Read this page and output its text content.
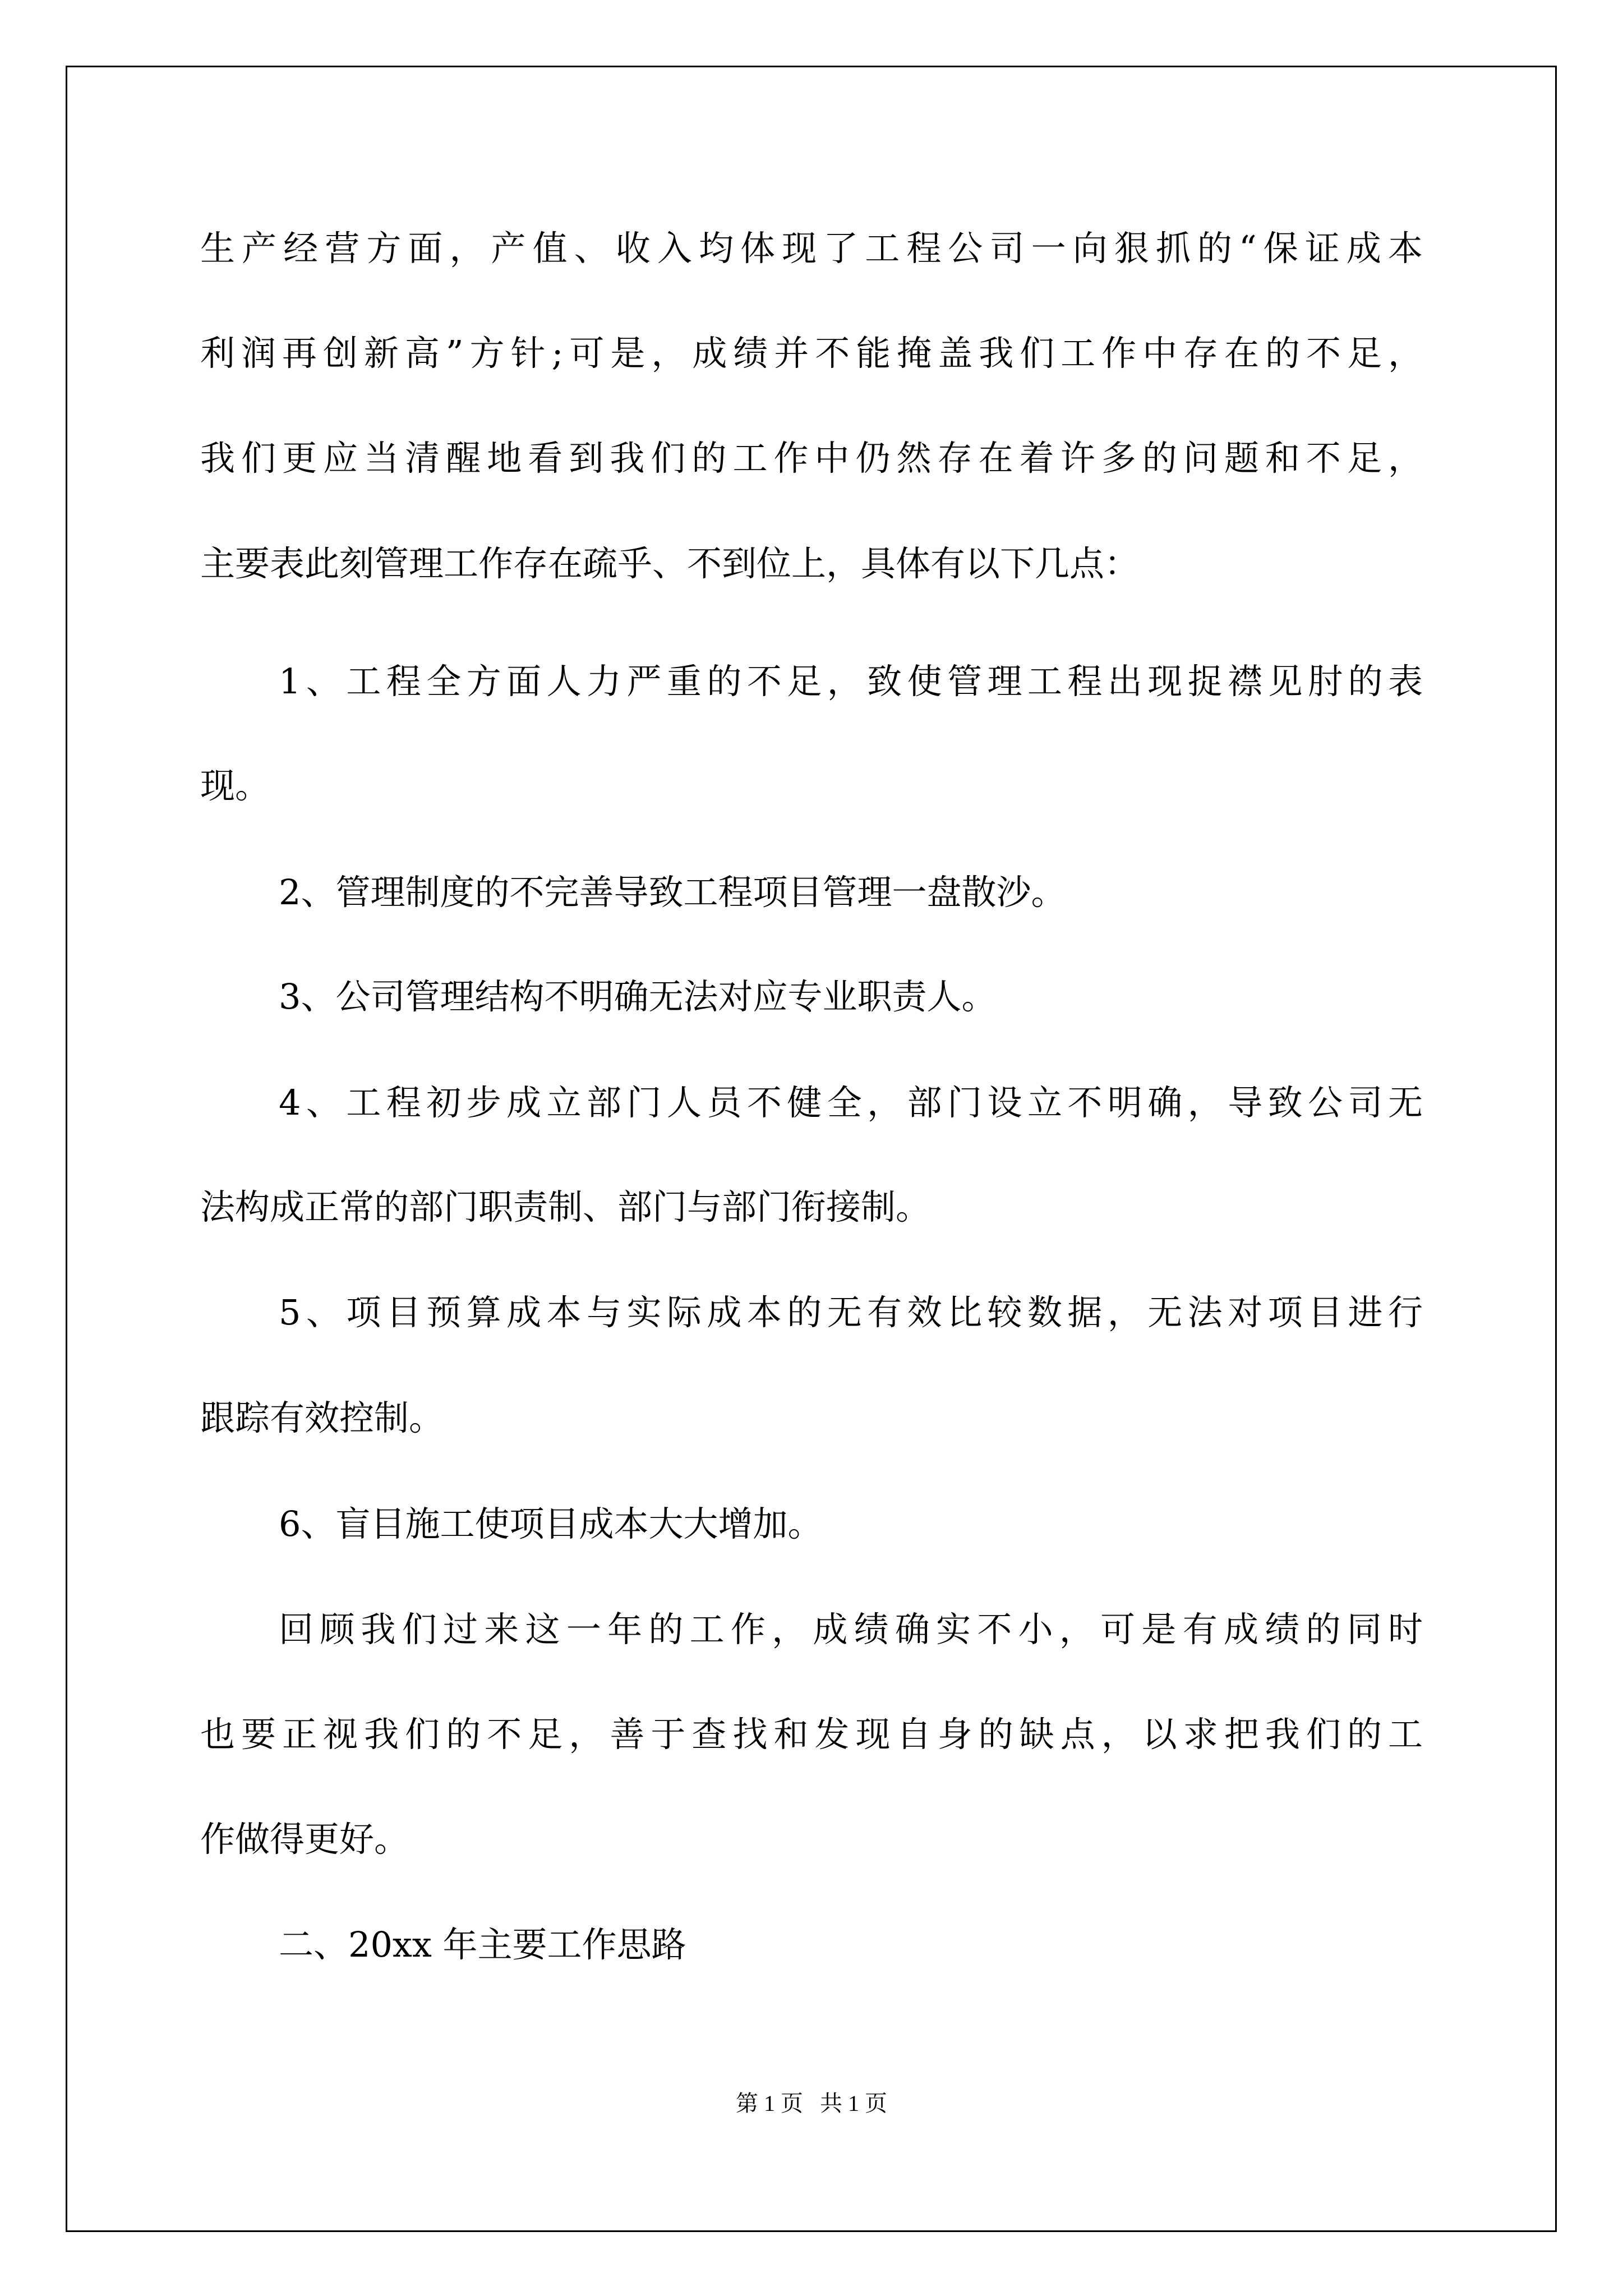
生产经营方面，产值、收入均体现了工程公司一向狠抓的“保证成本
利润再创新高”方针;可是，成绩并不能掩盖我们工作中存在的不足，
我们更应当清醒地看到我们的工作中仍然存在着许多的问题和不足，
主要表此刻管理工作存在疏乎、不到位上，具体有以下几点：
1、工程全方面人力严重的不足，致使管理工程出现捉襟见肘的表
现。
2、管理制度的不完善导致工程项目管理一盘散沙。
3、公司管理结构不明确无法对应专业职责人。
4、工程初步成立部门人员不健全，部门设立不明确，导致公司无
法构成正常的部门职责制、部门与部门衔接制。
5、项目预算成本与实际成本的无有效比较数据，无法对项目进行
跟踪有效控制。
6、盲目施工使项目成本大大增加。
回顾我们过来这一年的工作，成绩确实不小，可是有成绩的同时
也要正视我们的不足，善于查找和发现自身的缺点，以求把我们的工
作做得更好。
二、20xx 年主要工作思路
第 1 页   共 1 页
